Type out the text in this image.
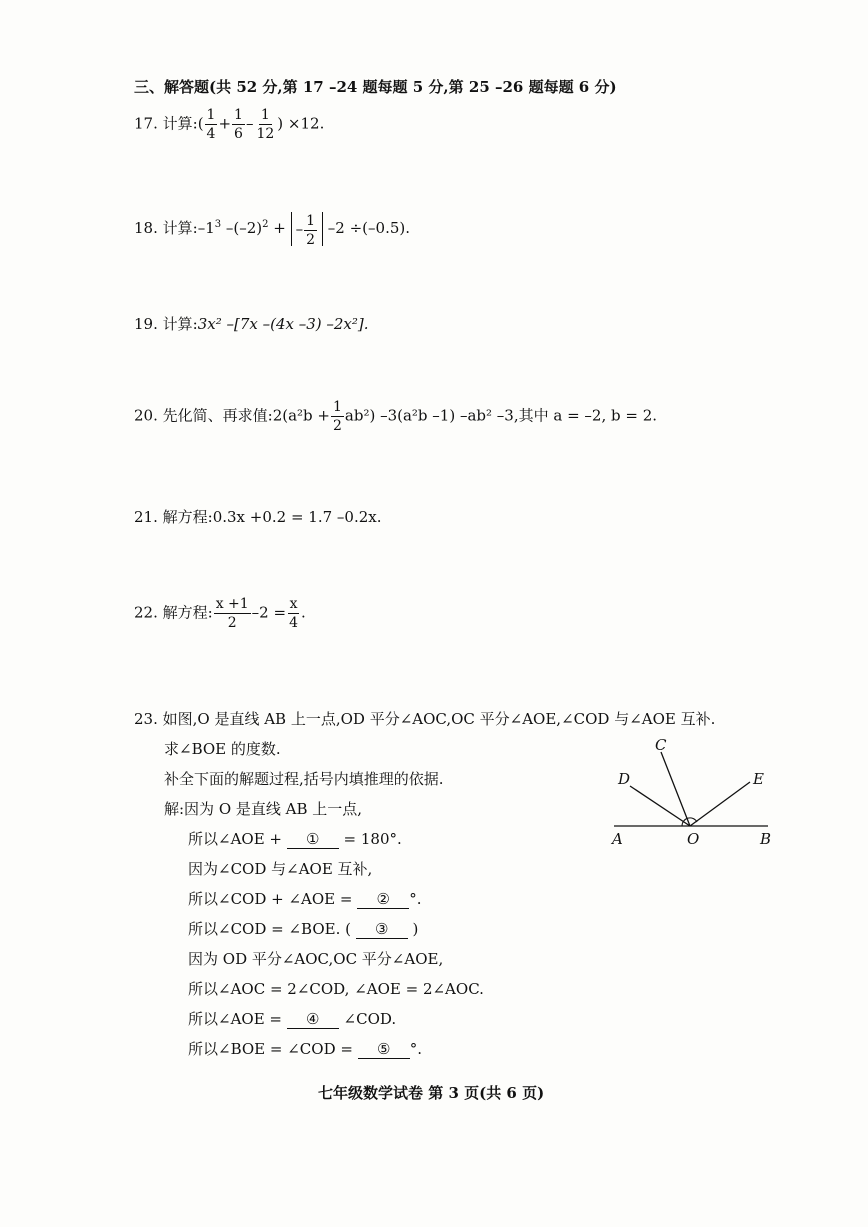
三、解答题(共 52 分,第 17 –24 题每题 5 分,第 25 –26 题每题 6 分)
17. 计算:( $\frac{1}{4} + \frac{1}{6} - \frac{1}{12}$ ) ×12.
18. 计算$:-1^3$ $-(-2)^2$ + – $\frac{1}{2} -2 \div(-0.5)$.
19. 计算:3x² –[7x –(4x –3) –2x²].
20. 先化简、再求值:2(a²b + $\frac{1}{2} ab^2$) –3(a²b –1) –ab² –3,其中 a = –2, b = 2.
21. 解方程:0.3x +0.2 = 1.7 –0.2x.
22. 解方程: $\frac{x +1}{2} -2 = \frac{x}{4}$ .
23. 如图,O 是直线 AB 上一点,OD 平分∠AOC,OC 平分∠AOE,∠COD 与∠AOE 互补.
求∠BOE 的度数.
补全下面的解题过程,括号内填推理的依据.
解:因为 O 是直线 AB 上一点,
所以∠AOE + ① = 180°.
因为∠COD 与∠AOE 互补,
所以∠COD + ∠AOE = ② °.
所以∠COD = ∠BOE. ( ③ )
因为 OD 平分∠AOC,OC 平分∠AOE,
所以∠AOC = 2∠COD, ∠AOE = 2∠AOC.
所以∠AOE = ④ ∠COD.
所以∠BOE = ∠COD = ⑤ °.
C
D	E
A	O	B
七年级数学试卷 第 3 页(共 6 页)
